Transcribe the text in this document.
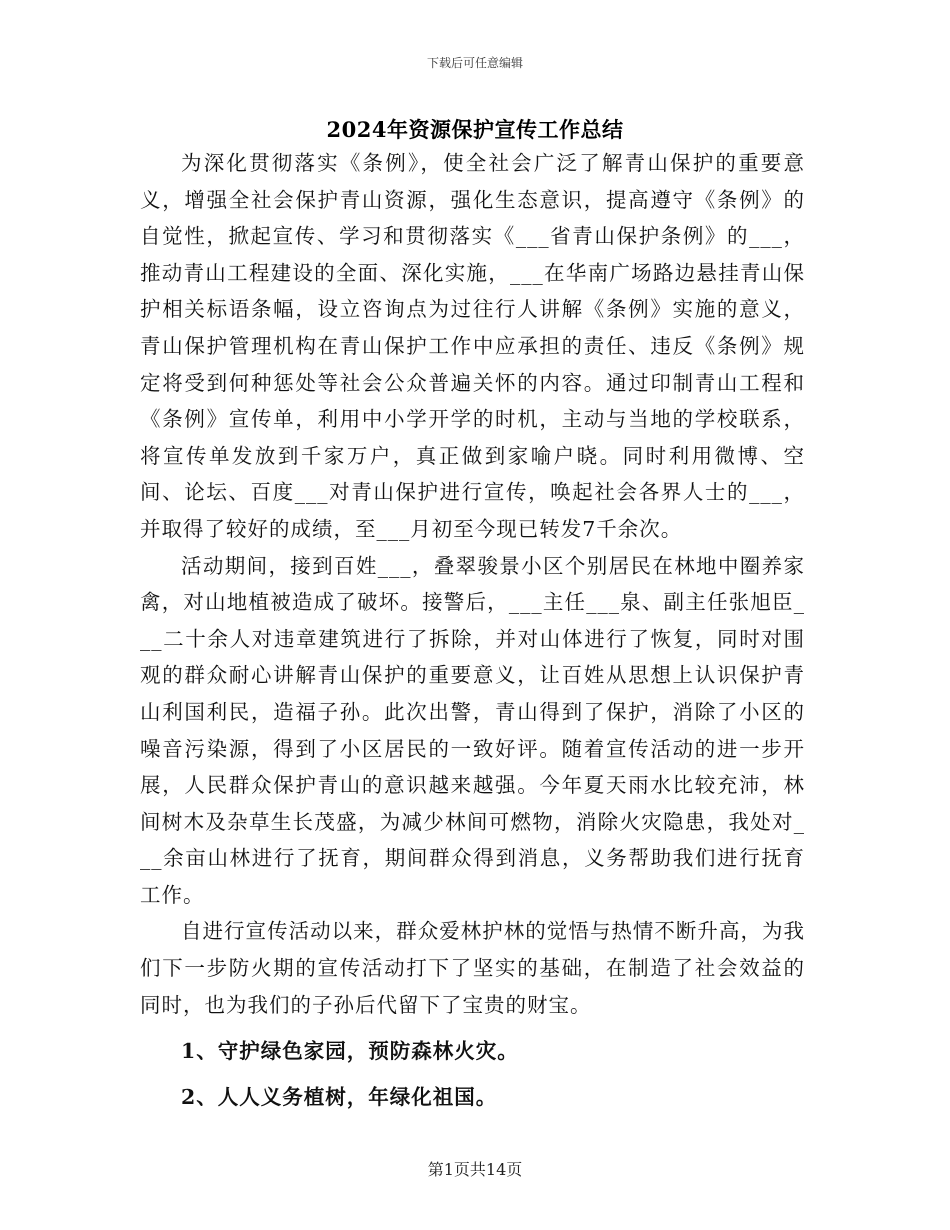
下载后可任意编辑
2024年资源保护宣传工作总结

为深化贯彻落实《条例》，使全社会广泛了解青山保护的重要意义，增强全社会保护青山资源，强化生态意识，提高遵守《条例》的自觉性，掀起宣传、学习和贯彻落实《___省青山保护条例》的___，推动青山工程建设的全面、深化实施，___在华南广场路边悬挂青山保护相关标语条幅，设立咨询点为过往行人讲解《条例》实施的意义，青山保护管理机构在青山保护工作中应承担的责任、违反《条例》规定将受到何种惩处等社会公众普遍关怀的内容。通过印制青山工程和《条例》宣传单，利用中小学开学的时机，主动与当地的学校联系，将宣传单发放到千家万户，真正做到家喻户晓。同时利用微博、空间、论坛、百度___对青山保护进行宣传，唤起社会各界人士的___，并取得了较好的成绩，至___月初至今现已转发7千余次。

活动期间，接到百姓___，叠翠骏景小区个别居民在林地中圈养家禽，对山地植被造成了破坏。接警后，___主任___泉、副主任张旭臣___二十余人对违章建筑进行了拆除，并对山体进行了恢复，同时对围观的群众耐心讲解青山保护的重要意义，让百姓从思想上认识保护青山利国利民，造福子孙。此次出警，青山得到了保护，消除了小区的噪音污染源，得到了小区居民的一致好评。随着宣传活动的进一步开展，人民群众保护青山的意识越来越强。今年夏天雨水比较充沛，林间树木及杂草生长茂盛，为减少林间可燃物，消除火灾隐患，我处对___余亩山林进行了抚育，期间群众得到消息，义务帮助我们进行抚育工作。

自进行宣传活动以来，群众爱林护林的觉悟与热情不断升高，为我们下一步防火期的宣传活动打下了坚实的基础，在制造了社会效益的同时，也为我们的子孙后代留下了宝贵的财宝。

1、守护绿色家园，预防森林火灾。

2、人人义务植树，年绿化祖国。

第1页共14页
